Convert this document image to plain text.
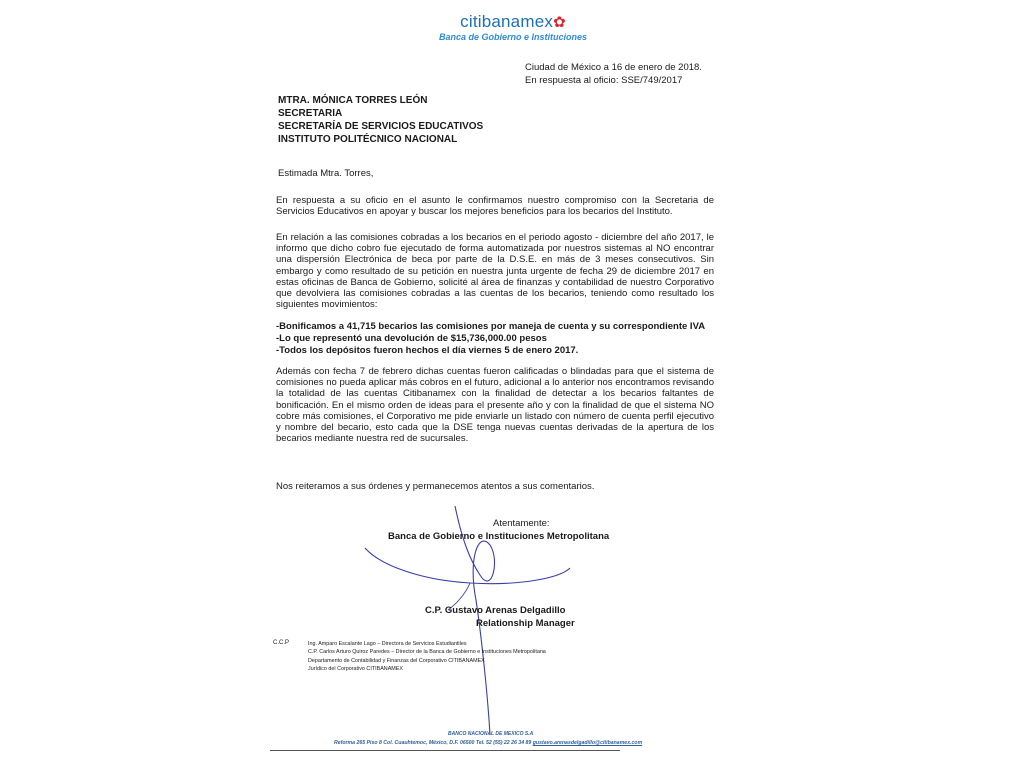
citibanamex✿
Banca de Gobierno e Instituciones
Ciudad de México a 16 de enero de 2018.
En respuesta al oficio: SSE/749/2017
MTRA. MÓNICA TORRES LEÓN
SECRETARIA
SECRETARÍA DE SERVICIOS EDUCATIVOS
INSTITUTO POLITÉCNICO NACIONAL
Estimada Mtra. Torres,
En respuesta a su oficio en el asunto le confirmamos nuestro compromiso con la Secretaria de Servicios Educativos en apoyar y buscar los mejores beneficios para los becarios del Instituto.
En relación a las comisiones cobradas a los becarios en el periodo agosto - diciembre del año 2017, le informo que dicho cobro fue ejecutado de forma automatizada por nuestros sistemas al NO encontrar una dispersión Electrónica de beca por parte de la D.S.E. en más de 3 meses consecutivos. Sin embargo y como resultado de su petición en nuestra junta urgente de fecha 29 de diciembre 2017 en estas oficinas de Banca de Gobierno, solicité al área de finanzas y contabilidad de nuestro Corporativo que devolviera las comisiones cobradas a las cuentas de los becarios, teniendo como resultado los siguientes movimientos:
-Bonificamos a 41,715 becarios las comisiones por maneja de cuenta y su correspondiente IVA
-Lo que representó una devolución de $15,736,000.00 pesos
-Todos los depósitos fueron hechos el día viernes 5 de enero 2017.
Además con fecha 7 de febrero dichas cuentas fueron calificadas o blindadas para que el sistema de comisiones no pueda aplicar más cobros en el futuro, adicional a lo anterior nos encontramos revisando la totalidad de las cuentas Citibanamex con la finalidad de detectar a los becarios faltantes de bonificación. En el mismo orden de ideas para el presente año y con la finalidad de que el sistema NO cobre más comisiones, el Corporativo me pide enviarle un listado con número de cuenta perfil ejecutivo y nombre del becario, esto cada que la DSE tenga nuevas cuentas derivadas de la apertura de los becarios mediante nuestra red de sucursales.
Nos reiteramos a sus órdenes y permanecemos atentos a sus comentarios.
Atentamente:
Banca de Gobierno e Instituciones Metropolitana
C.P. Gustavo Arenas Delgadillo
Relationship Manager
C.C.P	Ing. Amparo Escalante Lago – Directora de Servicios Estudiantiles
C.P. Carlos Arturo Quiroz Paredes – Director de la Banca de Gobierno e Instituciones Metropolitana
Departamento de Contabilidad y Finanzas del Corporativo CITIBANAMEX
Jurídico del Corporativo CITIBANAMEX
BANCO NACIONAL DE MEXICO S.A
Reforma 265 Piso 8 Col. Cuauhtemoc, México, D.F. 06500 Tel. 52 (55) 22 26 34 89 gustavo.arenasdelgadillo@citibanamex.com
